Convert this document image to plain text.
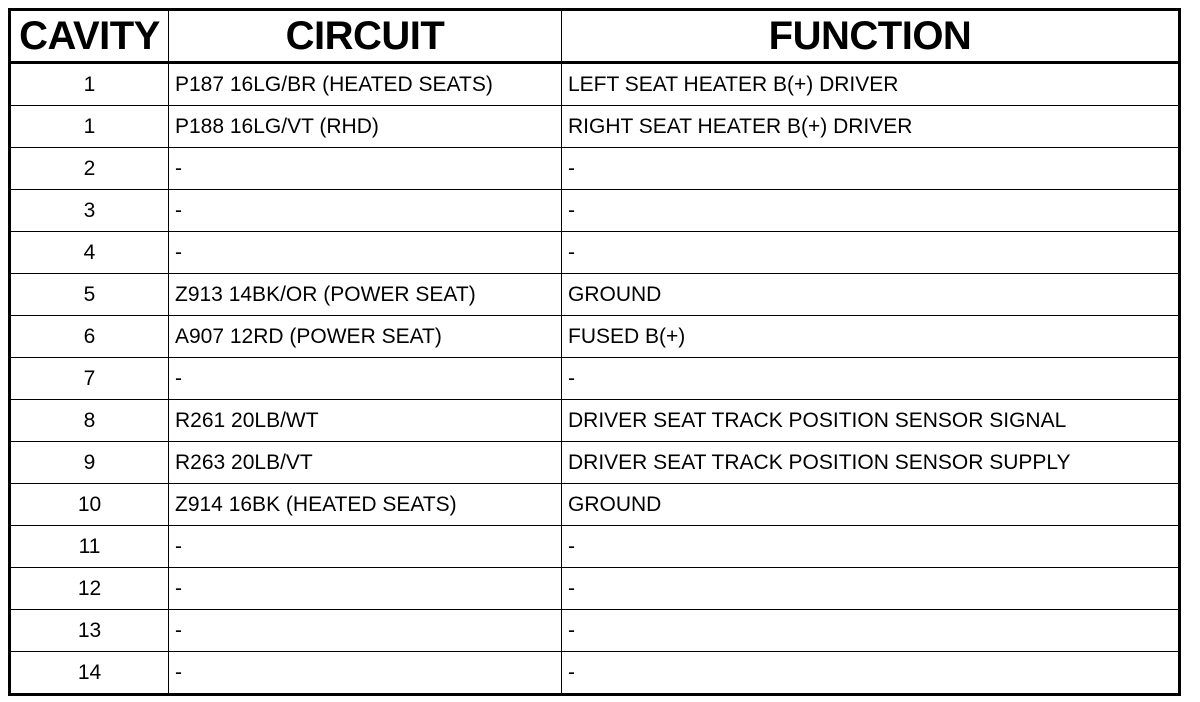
CAVITY	CIRCUIT	FUNCTION
1	P187 16LG/BR (HEATED SEATS)	LEFT SEAT HEATER B(+) DRIVER
1	P188 16LG/VT (RHD)	RIGHT SEAT HEATER B(+) DRIVER
2	-	-
3	-	-
4	-	-
5	Z913 14BK/OR (POWER SEAT)	GROUND
6	A907 12RD (POWER SEAT)	FUSED B(+)
7	-	-
8	R261 20LB/WT	DRIVER SEAT TRACK POSITION SENSOR SIGNAL
9	R263 20LB/VT	DRIVER SEAT TRACK POSITION SENSOR SUPPLY
10	Z914 16BK (HEATED SEATS)	GROUND
11	-	-
12	-	-
13	-	-
14	-	-
